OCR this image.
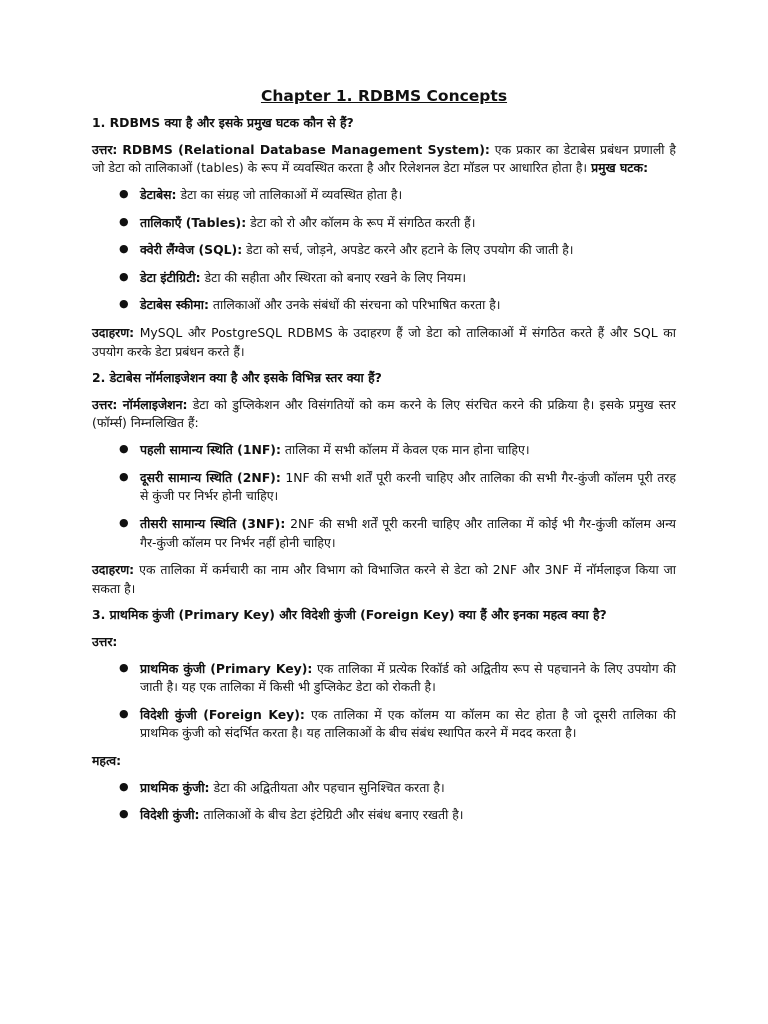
Chapter 1. RDBMS Concepts
1. RDBMS क्या है और इसके प्रमुख घटक कौन से हैं?
उत्तर: RDBMS (Relational Database Management System): एक प्रकार का डेटाबेस प्रबंधन प्रणाली है जो डेटा को तालिकाओं (tables) के रूप में व्यवस्थित करता है और रिलेशनल डेटा मॉडल पर आधारित होता है। प्रमुख घटक:
● डेटाबेस: डेटा का संग्रह जो तालिकाओं में व्यवस्थित होता है।
● तालिकाएँ (Tables): डेटा को रो और कॉलम के रूप में संगठित करती हैं।
● क्वेरी लैंग्वेज (SQL): डेटा को सर्च, जोड़ने, अपडेट करने और हटाने के लिए उपयोग की जाती है।
● डेटा इंटीग्रिटी: डेटा की सहीता और स्थिरता को बनाए रखने के लिए नियम।
● डेटाबेस स्कीमा: तालिकाओं और उनके संबंधों की संरचना को परिभाषित करता है।
उदाहरण: MySQL और PostgreSQL RDBMS के उदाहरण हैं जो डेटा को तालिकाओं में संगठित करते हैं और SQL का उपयोग करके डेटा प्रबंधन करते हैं।
2. डेटाबेस नॉर्मलाइजेशन क्या है और इसके विभिन्न स्तर क्या हैं?
उत्तर: नॉर्मलाइजेशन: डेटा को डुप्लिकेशन और विसंगतियों को कम करने के लिए संरचित करने की प्रक्रिया है। इसके प्रमुख स्तर (फॉर्म्स) निम्नलिखित हैं:
● पहली सामान्य स्थिति (1NF): तालिका में सभी कॉलम में केवल एक मान होना चाहिए।
● दूसरी सामान्य स्थिति (2NF): 1NF की सभी शर्तें पूरी करनी चाहिए और तालिका की सभी गैर-कुंजी कॉलम पूरी तरह से कुंजी पर निर्भर होनी चाहिए।
● तीसरी सामान्य स्थिति (3NF): 2NF की सभी शर्तें पूरी करनी चाहिए और तालिका में कोई भी गैर-कुंजी कॉलम अन्य गैर-कुंजी कॉलम पर निर्भर नहीं होनी चाहिए।
उदाहरण: एक तालिका में कर्मचारी का नाम और विभाग को विभाजित करने से डेटा को 2NF और 3NF में नॉर्मलाइज किया जा सकता है।
3. प्राथमिक कुंजी (Primary Key) और विदेशी कुंजी (Foreign Key) क्या हैं और इनका महत्व क्या है?
उत्तर:
● प्राथमिक कुंजी (Primary Key): एक तालिका में प्रत्येक रिकॉर्ड को अद्वितीय रूप से पहचानने के लिए उपयोग की जाती है। यह एक तालिका में किसी भी डुप्लिकेट डेटा को रोकती है।
● विदेशी कुंजी (Foreign Key): एक तालिका में एक कॉलम या कॉलम का सेट होता है जो दूसरी तालिका की प्राथमिक कुंजी को संदर्भित करता है। यह तालिकाओं के बीच संबंध स्थापित करने में मदद करता है।
महत्व:
● प्राथमिक कुंजी: डेटा की अद्वितीयता और पहचान सुनिश्चित करता है।
● विदेशी कुंजी: तालिकाओं के बीच डेटा इंटेग्रिटी और संबंध बनाए रखती है।
